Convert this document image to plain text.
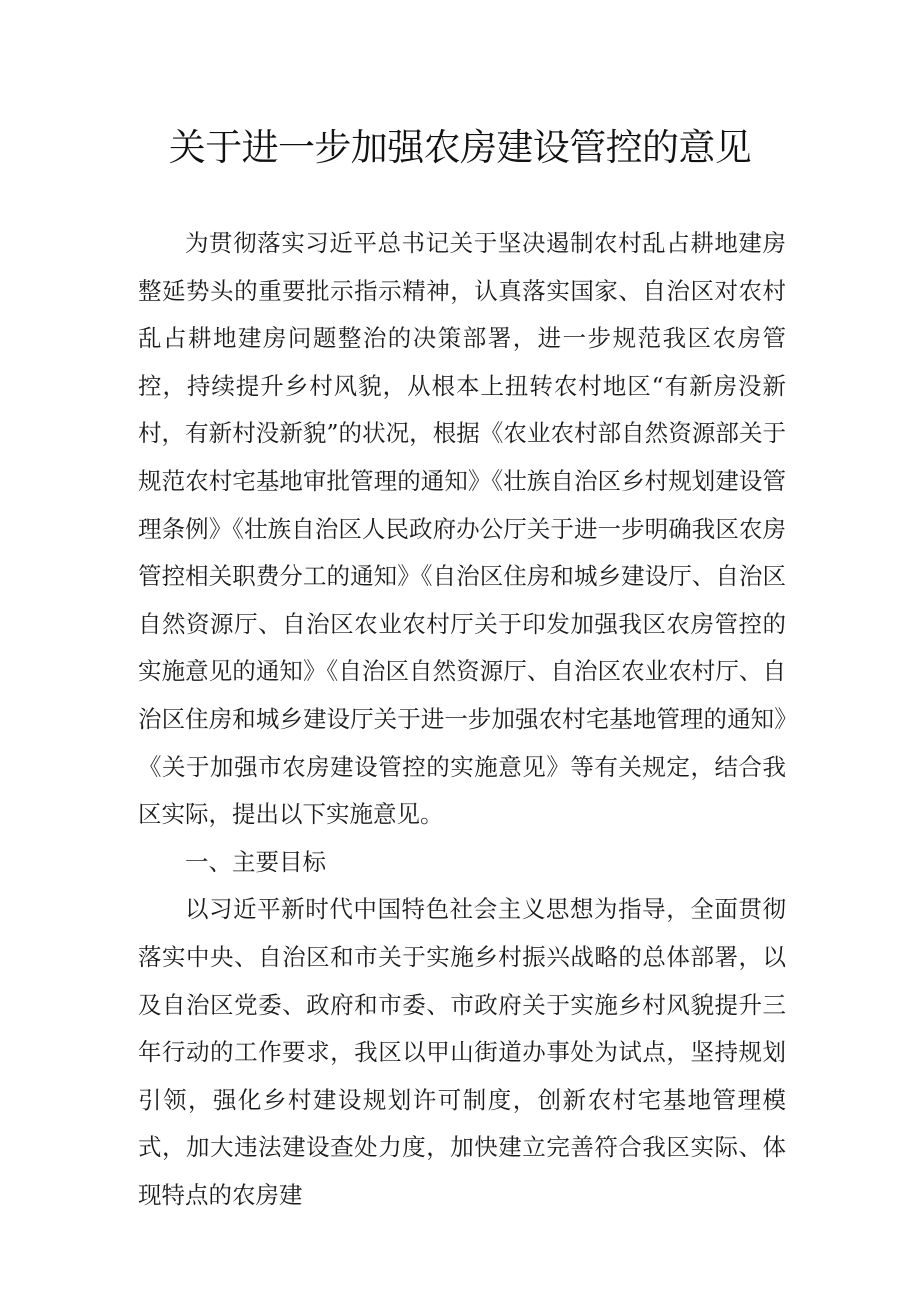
关于进一步加强农房建设管控的意见

为贯彻落实习近平总书记关于坚决遏制农村乱占耕地建房整延势头的重要批示指示精神，认真落实国家、自治区对农村乱占耕地建房问题整治的决策部署，进一步规范我区农房管控，持续提升乡村风貌，从根本上扭转农村地区“有新房没新村，有新村没新貌”的状况，根据《农业农村部自然资源部关于规范农村宅基地审批管理的通知》《壮族自治区乡村规划建设管理条例》《壮族自治区人民政府办公厅关于进一步明确我区农房管控相关职费分工的通知》《自治区住房和城乡建设厅、自治区自然资源厅、自治区农业农村厅关于印发加强我区农房管控的实施意见的通知》《自治区自然资源厅、自治区农业农村厅、自治区住房和城乡建设厅关于进一步加强农村宅基地管理的通知》《关于加强市农房建设管控的实施意见》等有关规定，结合我区实际，提出以下实施意见。

一、主要目标

以习近平新时代中国特色社会主义思想为指导，全面贯彻落实中央、自治区和市关于实施乡村振兴战略的总体部署，以及自治区党委、政府和市委、市政府关于实施乡村风貌提升三年行动的工作要求，我区以甲山街道办事处为试点，坚持规划引领，强化乡村建设规划许可制度，创新农村宅基地管理模式，加大违法建设查处力度，加快建立完善符合我区实际、体现特点的农房建
